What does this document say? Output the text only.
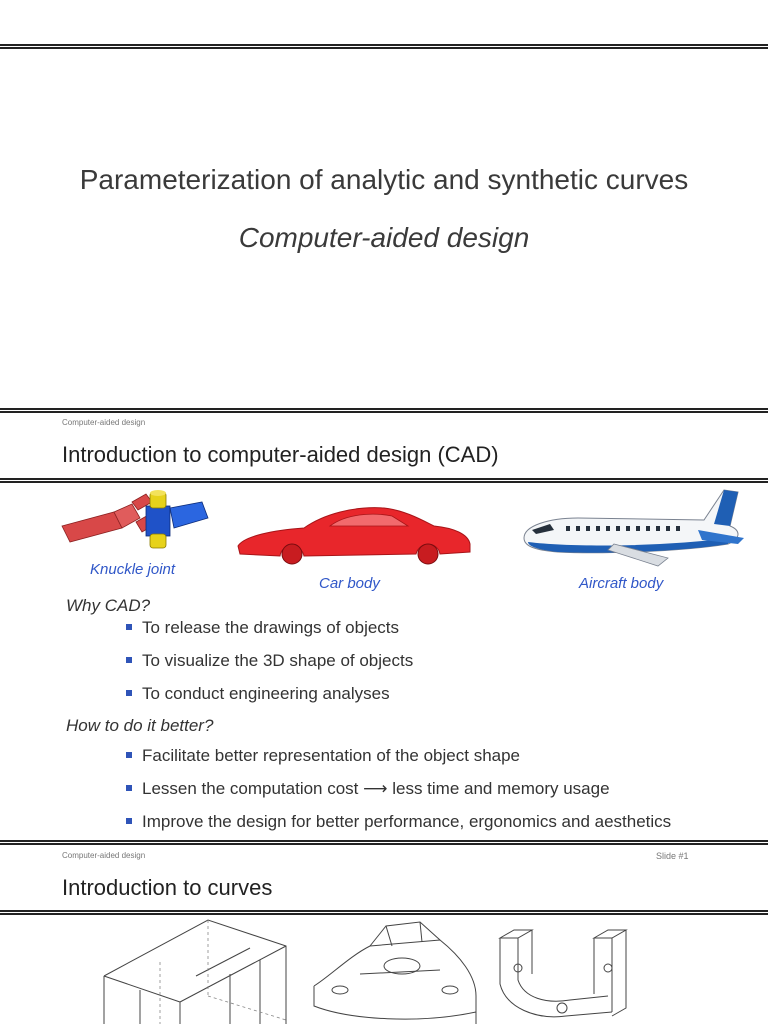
Parameterization of analytic and synthetic curves
Computer-aided design
Computer-aided design
Introduction to computer-aided design (CAD)
Knuckle joint
Car body	Aircraft body
Why CAD?
To release the drawings of objects
To visualize the 3D shape of objects
To conduct engineering analyses
How to do it better?
Facilitate better representation of the object shape
Lessen the computation cost ⟶ less time and memory usage
Improve the design for better performance, ergonomics and aesthetics
Computer-aided design	Slide #1
Introduction to curves
